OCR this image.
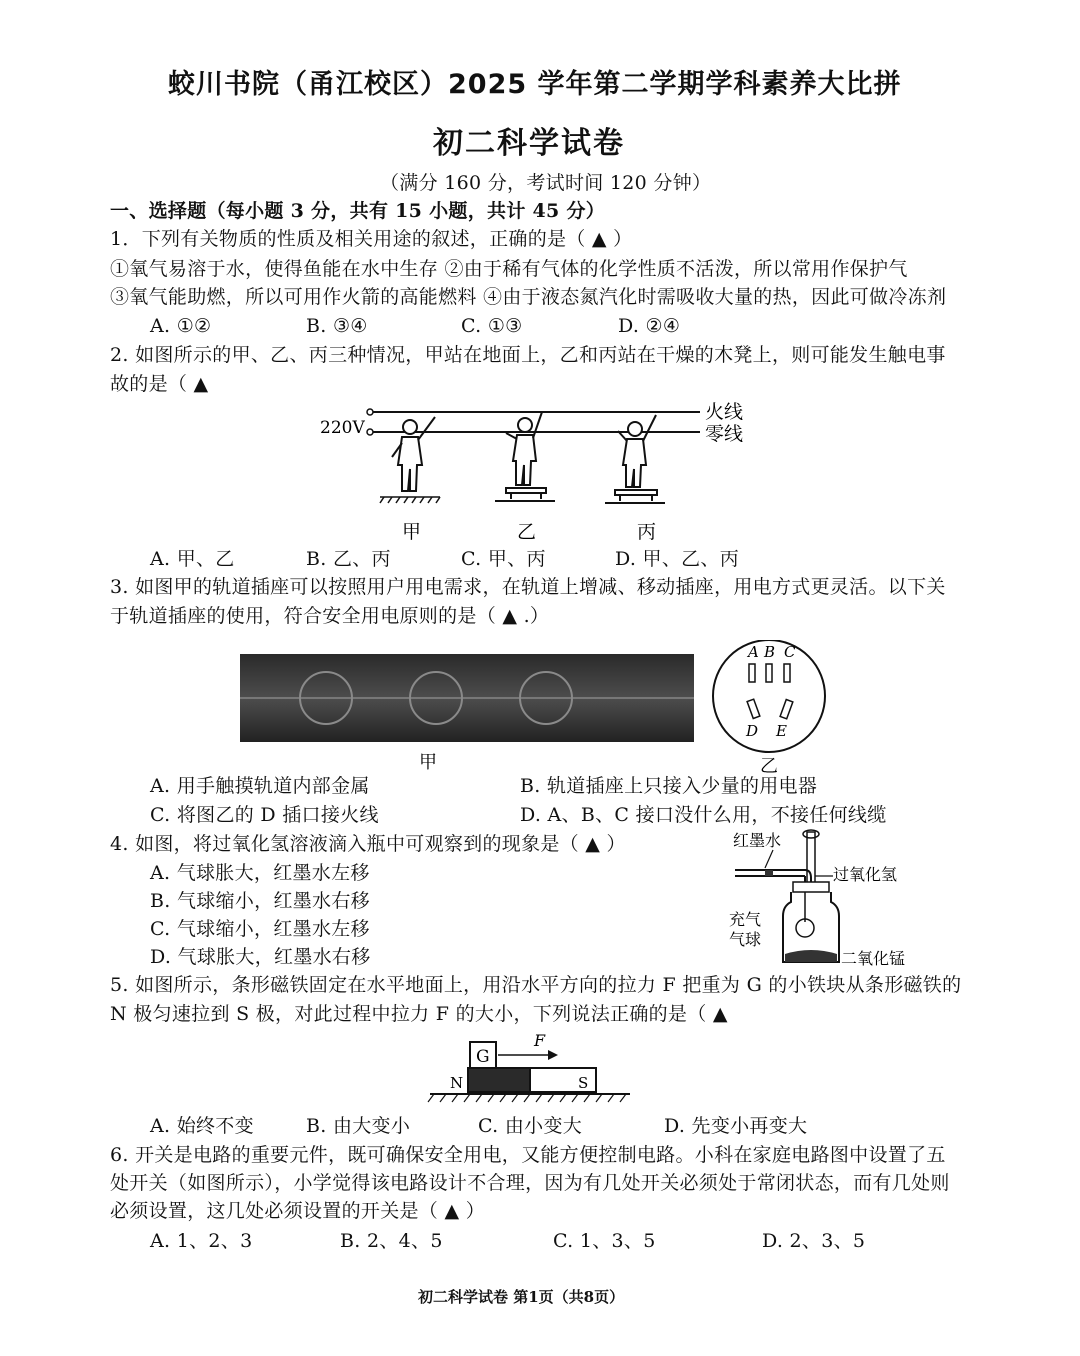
蛟川书院（甬江校区）2025 学年第二学期学科素养大比拼
初二科学试卷
（满分 160 分，考试时间 120 分钟）
一、选择题（每小题 3 分，共有 15 小题，共计 45 分）
1．下列有关物质的性质及相关用途的叙述，正确的是（ ▲ ）
①氧气易溶于水，使得鱼能在水中生存 ②由于稀有气体的化学性质不活泼，所以常用作保护气
③氧气能助燃，所以可用作火箭的高能燃料 ④由于液态氮汽化时需吸收大量的热，因此可做冷冻剂
A. ①②	B. ③④	C. ①③	D. ②④
2. 如图所示的甲、乙、丙三种情况，甲站在地面上，乙和丙站在干燥的木凳上，则可能发生触电事
故的是（ ▲
220V
火线
零线
甲	乙	丙
A. 甲、乙	B. 乙、丙	C. 甲、丙	D. 甲、乙、丙
3. 如图甲的轨道插座可以按照用户用电需求，在轨道上增减、移动插座，用电方式更灵活。以下关
于轨道插座的使用，符合安全用电原则的是（ ▲ .）
甲
A B C
D E
乙
A. 用手触摸轨道内部金属	B. 轨道插座上只接入少量的用电器
C. 将图乙的 D 插口接火线	D. A、B、C 接口没什么用，不接任何线缆
4. 如图，将过氧化氢溶液滴入瓶中可观察到的现象是（ ▲ ）
A. 气球胀大，红墨水左移
B. 气球缩小，红墨水右移
C. 气球缩小，红墨水左移
D. 气球胀大，红墨水右移
红墨水
过氧化氢
充气
气球
二氧化锰
5. 如图所示，条形磁铁固定在水平地面上，用沿水平方向的拉力 F 把重为 G 的小铁块从条形磁铁的
N 极匀速拉到 S 极，对此过程中拉力 F 的大小，下列说法正确的是（ ▲
G
F
N	S
A. 始终不变	B. 由大变小	C. 由小变大	D. 先变小再变大
6. 开关是电路的重要元件，既可确保安全用电，又能方便控制电路。小科在家庭电路图中设置了五
处开关（如图所示），小学觉得该电路设计不合理，因为有几处开关必须处于常闭状态，而有几处则
必须设置，这几处必须设置的开关是（ ▲ ）
A. 1、2、3	B. 2、4、5	C. 1、3、5	D. 2、3、5
初二科学试卷 第1页（共8页）
